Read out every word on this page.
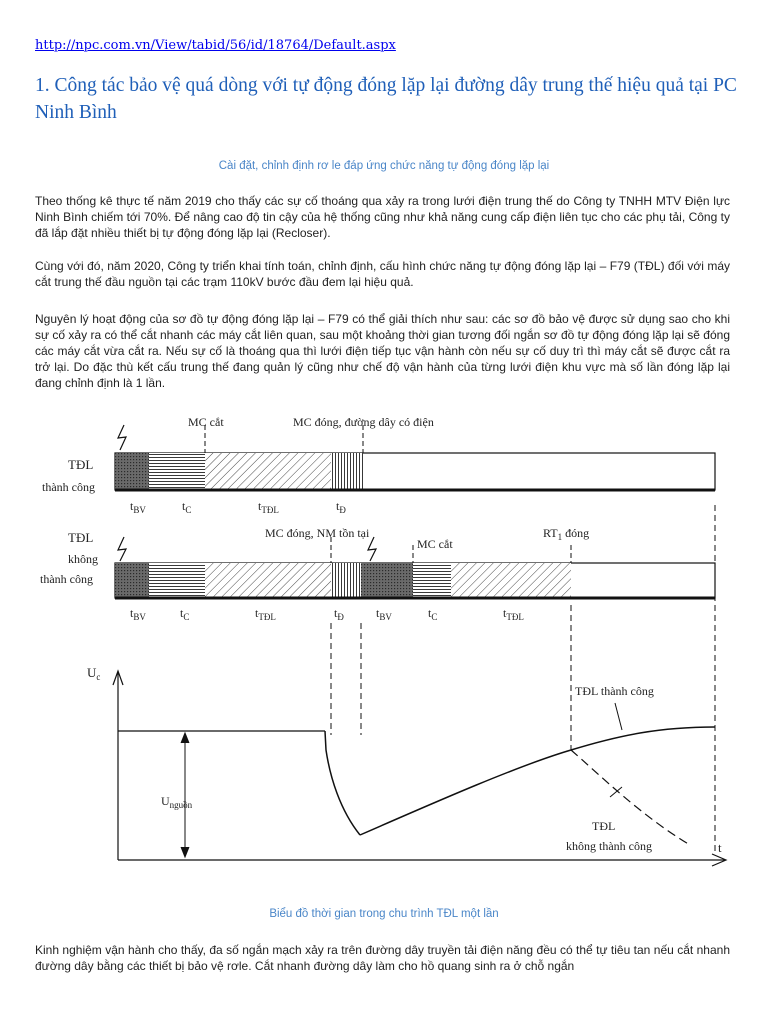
http://npc.com.vn/View/tabid/56/id/18764/Default.aspx
1. Công tác bảo vệ quá dòng với tự động đóng lặp lại đường dây trung thế hiệu quả tại PC Ninh Bình
Cài đặt, chỉnh định rơ le đáp ứng chức năng tự động đóng lặp lại
Theo thống kê thực tế năm 2019 cho thấy các sự cố thoáng qua xảy ra trong lưới điện trung thế do Công ty TNHH MTV Điện lực Ninh Bình chiếm tới 70%. Để nâng cao độ tin cậy của hệ thống cũng như khả năng cung cấp điện liên tục cho các phụ tải, Công ty đã lắp đặt nhiều thiết bị tự động đóng lặp lại (Recloser).
Cùng với đó, năm 2020, Công ty triển khai tính toán, chỉnh định, cấu hình chức năng tự động đóng lặp lại – F79 (TĐL) đối với máy cắt trung thế đầu nguồn tại các trạm 110kV bước đầu đem lại hiệu quả.
Nguyên lý hoạt động của sơ đồ tự động đóng lặp lại – F79 có thể giải thích như sau: các sơ đồ bảo vệ được sử dụng sao cho khi sự cố xảy ra có thể cắt nhanh các máy cắt liên quan, sau một khoảng thời gian tương đối ngắn sơ đồ tự động đóng lặp lại sẽ đóng các máy cắt vừa cắt ra. Nếu sự cố là thoáng qua thì lưới điện tiếp tục vận hành còn nếu sự cố duy trì thì máy cắt sẽ được cắt ra trở lại. Do đặc thù kết cấu trung thế đang quản lý cũng như chế độ vận hành của từng lưới điện khu vực mà số lần đóng lặp lại đang chỉnh định là 1 lần.
TĐL
thành công
MC cắt	MC đóng, đường dây có điện
$t_{BV}$	$t_C$	$t_{TĐL}$	$t_Đ$
TĐL
không
thành công
MC đóng, NM tồn tại
MC cắt
$RT_1$ đóng
$t_{BV}$	$t_C$	$t_{TĐL}$	$t_Đ$	$t_{BV}$	$t_C$	$t_{TĐL}$
$U_c$
t
$U_{nguồn}$
TĐL thành công
TĐL
không thành công
Biểu đồ thời gian trong chu trình TĐL một lần
Kinh nghiệm vận hành cho thấy, đa số ngắn mạch xảy ra trên đường dây truyền tải điện năng đều có thể tự tiêu tan nếu cắt nhanh đường dây bằng các thiết bị bảo vệ rơle. Cắt nhanh đường dây làm cho hồ quang sinh ra ở chỗ ngắn
